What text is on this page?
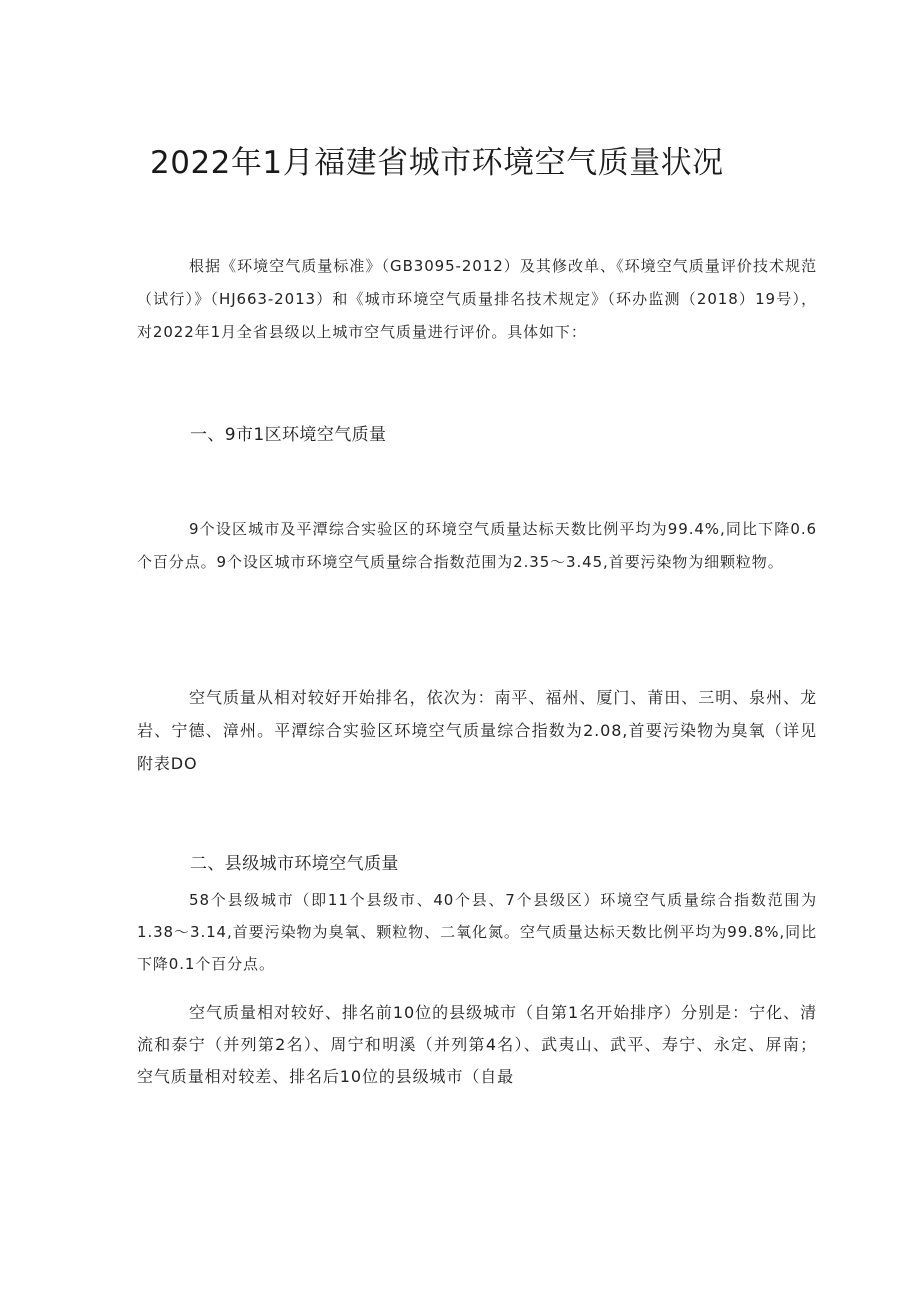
2022年1月福建省城市环境空气质量状况
根据《环境空气质量标准》（GB3095-2012）及其修改单、《环境空气质量评价技术规范（试行）》（HJ663-2013）和《城市环境空气质量排名技术规定》（环办监测（2018）19号），对2022年1月全省县级以上城市空气质量进行评价。具体如下：
一、9市1区环境空气质量
9个设区城市及平潭综合实验区的环境空气质量达标天数比例平均为99.4%,同比下降0.6个百分点。9个设区城市环境空气质量综合指数范围为2.35～3.45,首要污染物为细颗粒物。
空气质量从相对较好开始排名，依次为：南平、福州、厦门、莆田、三明、泉州、龙岩、宁德、漳州。平潭综合实验区环境空气质量综合指数为2.08,首要污染物为臭氧（详见附表DO
二、县级城市环境空气质量
58个县级城市（即11个县级市、40个县、7个县级区）环境空气质量综合指数范围为1.38～3.14,首要污染物为臭氧、颗粒物、二氧化氮。空气质量达标天数比例平均为99.8%,同比下降0.1个百分点。
空气质量相对较好、排名前10位的县级城市（自第1名开始排序）分别是：宁化、清流和泰宁（并列第2名）、周宁和明溪（并列第4名）、武夷山、武平、寿宁、永定、屏南；空气质量相对较差、排名后10位的县级城市（自最
